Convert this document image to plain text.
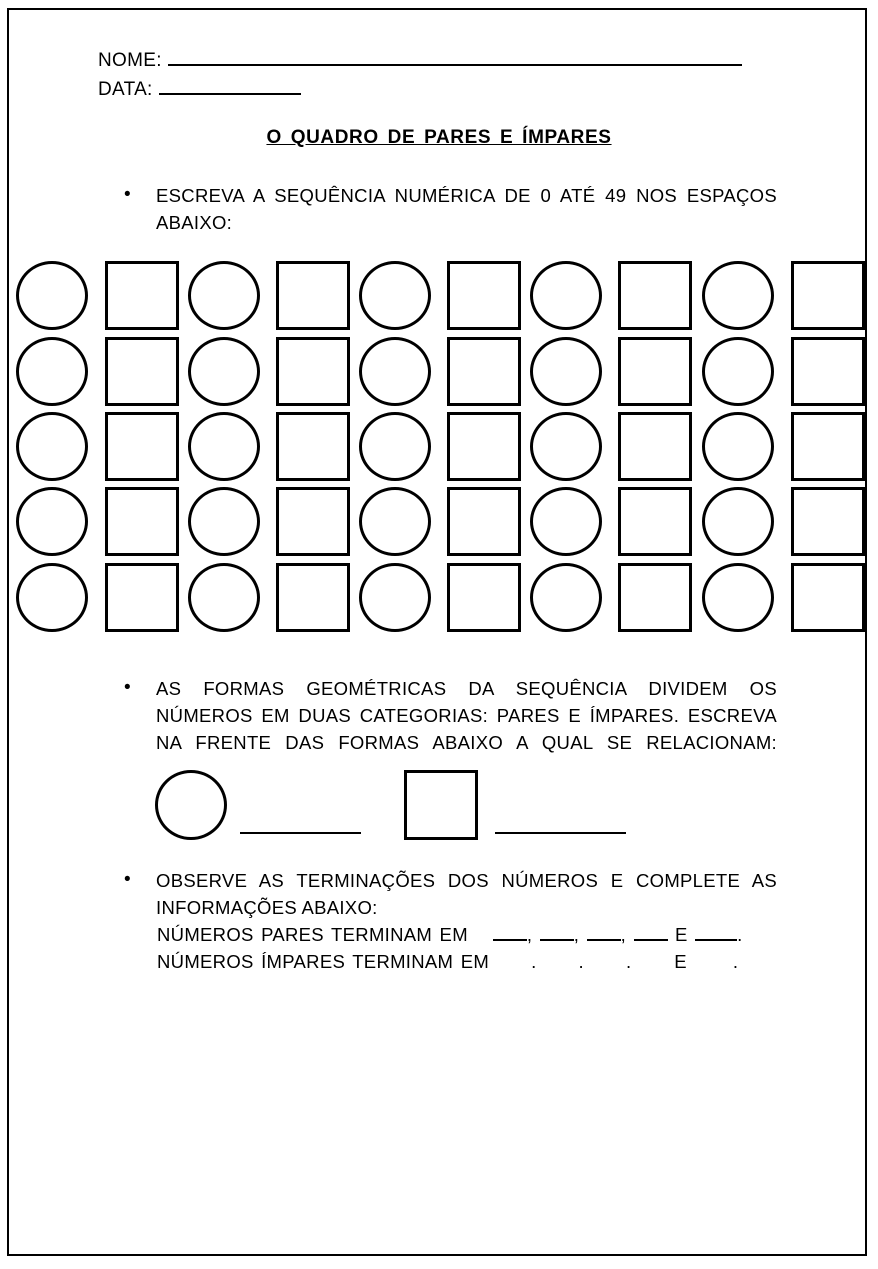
NOME:
DATA:
O QUADRO DE PARES E ÍMPARES
•	ESCREVA A SEQUÊNCIA NUMÉRICA DE 0 ATÉ 49 NOS ESPAÇOS
ABAIXO:
•	AS FORMAS GEOMÉTRICAS DA SEQUÊNCIA DIVIDEM OS
NÚMEROS EM DUAS CATEGORIAS: PARES E ÍMPARES. ESCREVA
NA FRENTE DAS FORMAS ABAIXO A QUAL SE RELACIONAM:
•	OBSERVE AS TERMINAÇÕES DOS NÚMEROS E COMPLETE AS
INFORMAÇÕES ABAIXO:
NÚMEROS PARES TERMINAM EM	, , ,	E	.
NÚMEROS ÍMPARES TERMINAM EM . . . E .
